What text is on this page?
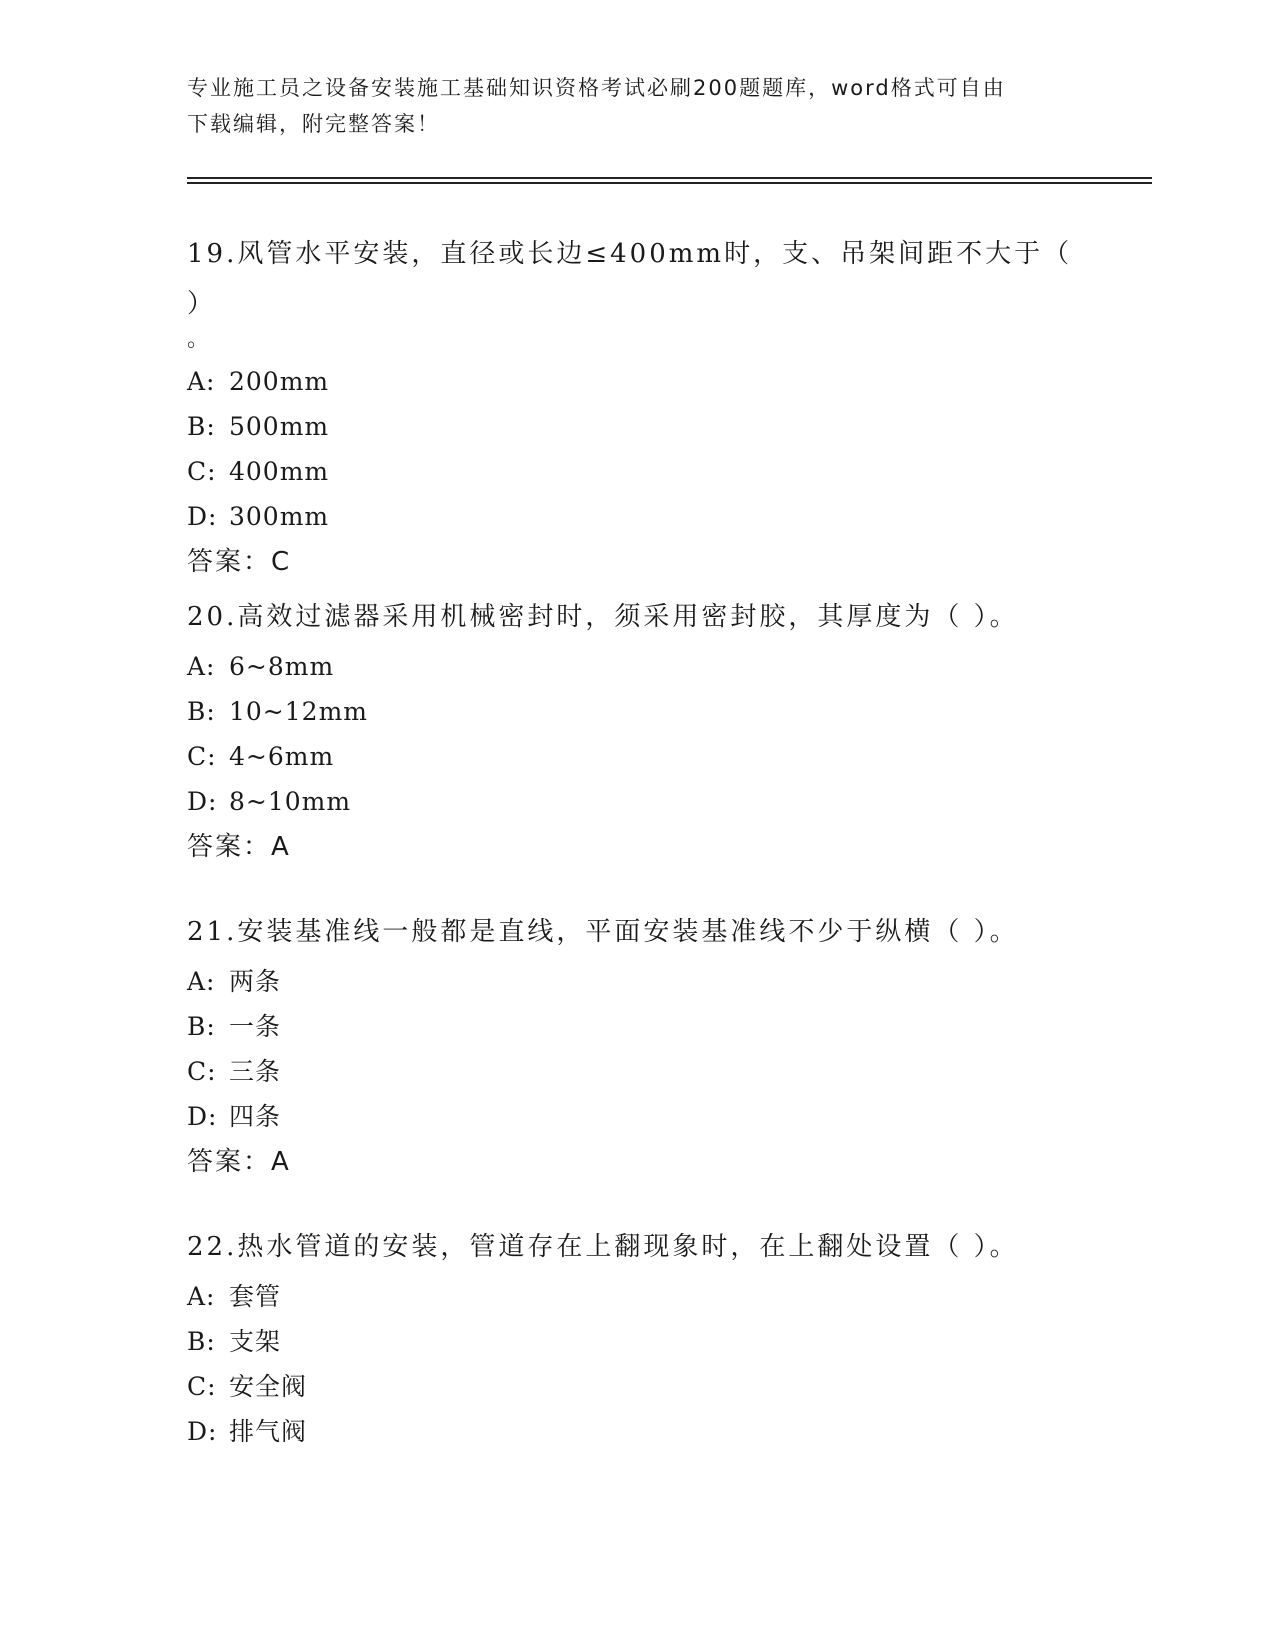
专业施工员之设备安装施工基础知识资格考试必刷200题题库，word格式可自由
下载编辑，附完整答案！

19.风管水平安装，直径或长边≤400mm时，支、吊架间距不大于（ ）

。

A: 200mm

B: 500mm

C: 400mm

D: 300mm

答案：C

20.高效过滤器采用机械密封时，须采用密封胶，其厚度为（ ）。

A: 6~8mm

B: 10~12mm

C: 4~6mm

D: 8~10mm

答案：A

21.安装基准线一般都是直线，平面安装基准线不少于纵横（ ）。

A: 两条

B: 一条

C: 三条

D: 四条

答案：A

22.热水管道的安装，管道存在上翻现象时，在上翻处设置（ ）。

A: 套管

B: 支架

C: 安全阀

D: 排气阀
